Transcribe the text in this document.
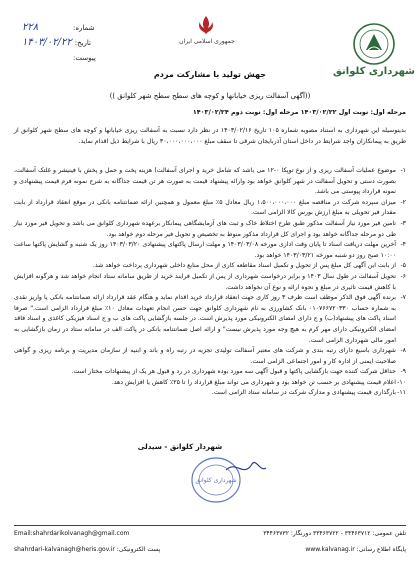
شماره:
۲۲۸
تاریخ:
۱۴۰۳/۰۲/۲۲
پیوست:
جمهوری اسلامی ایران
شهرداری کلوانق
جهش تولید با مشارکت مردم
((آگهی آسفالت ریزی خیابانها و کوچه های سطح سطح شهر کلوانق ))
مرحله اول: نوبت اول ۱۴۰۳/۰۲/۲۲ مرحله اول: نوبت دوم ۱۴۰۳/۰۲/۲۴
بدینوسیله این شهرداری به استناد مصوبه شماره ۱۰۵ تاریخ ۱۴۰۳/۰۲/۱۶ در نظر دارد نسبت به آسفالت ریزی خیابانها و کوچه های سطح شهر کلوانق از طریق به پیمانکاران واجد شرایط در داخل استان آذربایجان شرقی تا سقف مبلغ ۳۰،۰۰۰،۰۰۰،۰۰۰ ریال با شرایط ذیل اقدام نماید.
۱-
موضوع عملیات آسفالت ریزی و از نوع توپکا ۰-۱۲ می باشد که شامل خرید و اجرای آسفالت) هزینه پخت و حمل و پخش با فینیشر و غلتک آسفالت، بصورت دستی و تحویل آسفالت در شهر کلوانق خواهد بود وارائه پیشنهاد قیمت به صورت هر تن قیمت جداگانه به شرح نمونه فرم قیمت پیشنهادی و نمونه قرارداد پیوستی می باشد.
۲-
میزان سپرده شرکت در مناقصه مبلغ ۱،۵۰۰،۰۰۰،۰۰۰ ریال معادل ۵٪ مبلغ معمول و همچنین ارائه ضمانتنامه بانکی در موقع انعقاد قرارداد از بابت مقدار فیر تحویلی به مبلغ ارزش بورس کالا الزامی است.
۳-
تامین فیر مورد نیاز آسفالت مذکور طبق طرح اختلاط خاک و ثبت های آزمایشگاهی پیمانکار برعهده شهرداری کلوانق می باشد و تحویل فیر مورد نیاز طی دو مرحله جداگانه خواهد بود و اجرای کل قرارداد مذکور منوط به تخصیص و تحویل فیر مرحله دوم خواهد بود.
۴-
آخرین مهلت دریافت اسناد تا پایان وقت اداری مورخه ۱۴۰۳/۰۳/۰۸ و مهلت ارسال پاکتهای پیشنهادی ۱۴۰۳/۰۳/۲۰ روز یک شنبه و گشایش پاکتها ساعت ۱۰:۰۰ صبح روز دو شنبه مورخه ۱۴۰۳/۰۳/۲۱ خواهد بود.
۵-
از بابت این آگهی کل مبلغ پس از تحویل و تکمیل اسناد مقاطعه کاری از محل منابع داخلی شهرداری پرداخت خواهد شد.
۶-
تحویل آسفالت در طول سال ۱۴۰۳ و برابر درخواست شهرداری از پس از تکمیل فرایند خرید از طریق سامانه ستاد انجام خواهد شد و هرگونه افزایش با کاهش قیمت تاثیری در مبلغ و نحوه ارائه و نوع آن نخواهد داشت.
۷-
برنده آگهی فوق الذکر موظف است ظرف ۳ روز کاری جهت انعقاد قرارداد خرید اقدام نماید و هنگام عقد قرارداد ارائه ضمانتنامه بانکی یا واریز نقدی به شماره حساب ۰۱۰۷۶۶۷۲۰۳۳۰ بانک کشاورزی به نام شهرداری کلوانق جهت حسن انجام تعهدات معادل ۱۰٪ مبلغ قرارداد الزامی است." صرفا اسناد پاکت های پیشنهاد(ب) و ج دارای امضای الکترونیکی مورد پذیرش است. در جلسه بازگشایی پاکت های ب و ج اسناد فیزیکی کاغذی و اسناد فاقد امضای الکترونیکی دارای مهر کرم به هیچ وجه مورد پذیرش نیست" و ارائه اصل ضمانتنامه بانکی در پاکت الف در سامانه ستاد در زمان بازگشایی به امور مالی شهرداری الزامی است.
۸-
شهرداری باسیع دارای رتبه بندی و شرکت های معتبر آسفالت تولیدی تجزیه در رتبه راه و باند و ابنیه از سازمان مدیریت و برنامه ریزی و گواهی صلاحیت ایمنی از اداره کار و امور اجتماعی الزامی است.
۹-
حداقل شرکت کننده جهت بازگشایی پاکتها و قبول آگهی سه مورد بوده شهرداری در رد و قبول هر یک از پیشنهادات مختار است.
۱۰-
اعلام قیمت پیشنهادی بر حسب تن خواهد بود و شهرداری می تواند مبلغ قرارداد را تا ۲۵٪ کاهش یا افزایش دهد.
۱۱-
بارگذاری قیمت پیشنهادی و مدارک شرکت در سامانه ستاد الزامی است.
شهردار کلوانق - سیدلی
شهرداری کلوانق
تلفن عمومی: ۳۴۴۶۳۷۱۲ - ۳۳۴۶۳۷۲۲ دورنگار: ۳۴۴۶۳۷۳۲
Email:shahrdarikolvanagh@gmail.com
پایگاه اطلاع رسانی: www.kalvanag.ir
پست الکترونیکی: shahrdari-kalvanagh@heris.gov.ir
